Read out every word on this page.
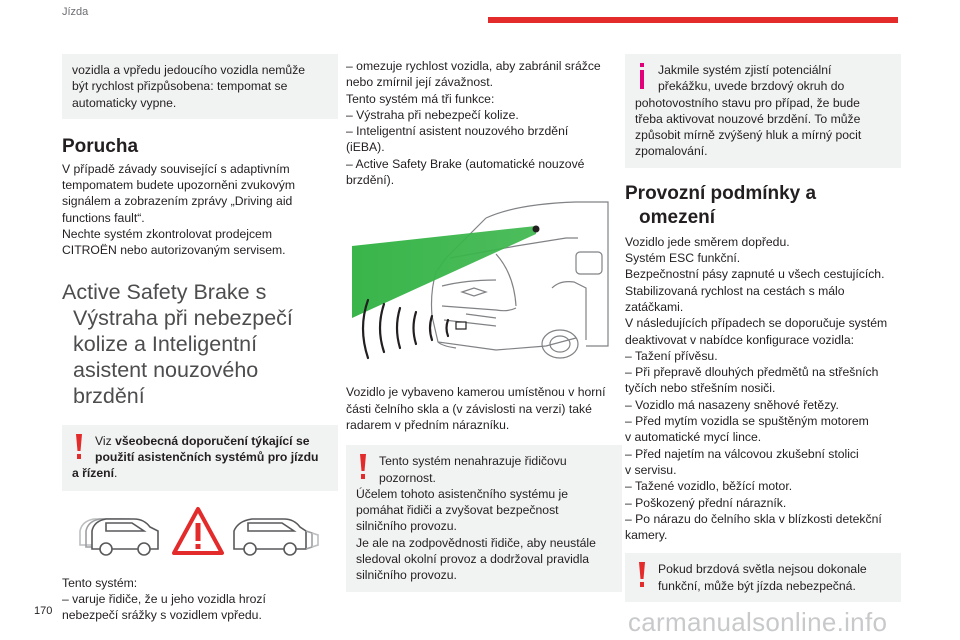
Jízda
vozidla a vpředu jedoucího vozidla nemůže
být rychlost přizpůsobena: tempomat se
automaticky vypne.
Porucha
V případě závady související s adaptivním
tempomatem budete upozorněni zvukovým
signálem a zobrazením zprávy „Driving aid
functions fault“.
Nechte systém zkontrolovat prodejcem
CITROËN nebo autorizovaným servisem.
Active Safety Brake s
Výstraha při nebezpečí
kolize a Inteligentní
asistent nouzového
brzdění
Viz všeobecná doporučení týkající se
použití asistenčních systémů pro jízdu
a řízení.
Tento systém:
– varuje řidiče, že u jeho vozidla hrozí
nebezpečí srážky s vozidlem vpředu.
– omezuje rychlost vozidla, aby zabránil srážce
nebo zmírnil její závažnost.
Tento systém má tři funkce:
– Výstraha při nebezpečí kolize.
– Inteligentní asistent nouzového brzdění
(iEBA).
– Active Safety Brake (automatické nouzové
brzdění).
Vozidlo je vybaveno kamerou umístěnou v horní
části čelního skla a (v závislosti na verzi) také
radarem v předním nárazníku.
Tento systém nenahrazuje řidičovu
pozornost.
Účelem tohoto asistenčního systému je
pomáhat řidiči a zvyšovat bezpečnost
silničního provozu.
Je ale na zodpovědnosti řidiče, aby neustále
sledoval okolní provoz a dodržoval pravidla
silničního provozu.
Jakmile systém zjistí potenciální
překážku, uvede brzdový okruh do
pohotovostního stavu pro případ, že bude
třeba aktivovat nouzové brzdění. To může
způsobit mírně zvýšený hluk a mírný pocit
zpomalování.
Provozní podmínky a
omezení
Vozidlo jede směrem dopředu.
Systém ESC funkční.
Bezpečnostní pásy zapnuté u všech cestujících.
Stabilizovaná rychlost na cestách s málo
zatáčkami.
V následujících případech se doporučuje systém
deaktivovat v nabídce konfigurace vozidla:
– Tažení přívěsu.
– Při přepravě dlouhých předmětů na střešních
tyčích nebo střešním nosiči.
– Vozidlo má nasazeny sněhové řetězy.
– Před mytím vozidla se spuštěným motorem
v automatické mycí lince.
– Před najetím na válcovou zkušební stolici
v servisu.
– Tažené vozidlo, běžící motor.
– Poškozený přední nárazník.
– Po nárazu do čelního skla v blízkosti detekční
kamery.
Pokud brzdová světla nejsou dokonale
funkční, může být jízda nebezpečná.
170	carmanualsonline.info
